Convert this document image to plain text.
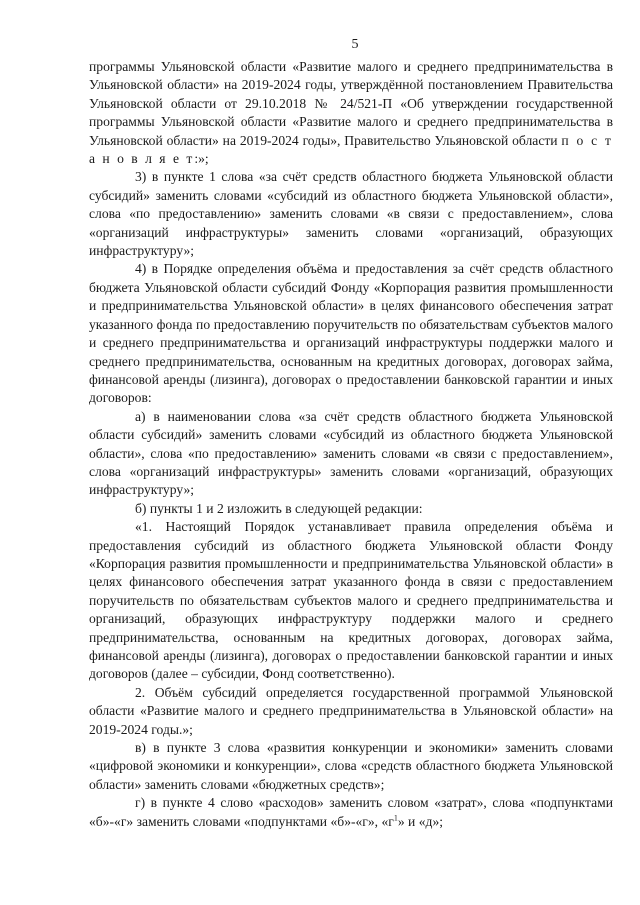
5

программы Ульяновской области «Развитие малого и среднего предпринимательства в Ульяновской области» на 2019-2024 годы, утверждённой постановлением Правительства Ульяновской области от 29.10.2018 № 24/521-П «Об утверждении государственной программы Ульяновской области «Развитие малого и среднего предпринимательства в Ульяновской области» на 2019-2024 годы», Правительство Ульяновской области п о с т а н о в л я е т:»;

3) в пункте 1 слова «за счёт средств областного бюджета Ульяновской области субсидий» заменить словами «субсидий из областного бюджета Ульяновской области», слова «по предоставлению» заменить словами «в связи с предоставлением», слова «организаций инфраструктуры» заменить словами «организаций, образующих инфраструктуру»;

4) в Порядке определения объёма и предоставления за счёт средств областного бюджета Ульяновской области субсидий Фонду «Корпорация развития промышленности и предпринимательства Ульяновской области» в целях финансового обеспечения затрат указанного фонда по предоставлению поручительств по обязательствам субъектов малого и среднего предпринимательства и организаций инфраструктуры поддержки малого и среднего предпринимательства, основанным на кредитных договорах, договорах займа, финансовой аренды (лизинга), договорах о предоставлении банковской гарантии и иных договоров:

а) в наименовании слова «за счёт средств областного бюджета Ульяновской области субсидий» заменить словами «субсидий из областного бюджета Ульяновской области», слова «по предоставлению» заменить словами «в связи с предоставлением», слова «организаций инфраструктуры» заменить словами «организаций, образующих инфраструктуру»;

б) пункты 1 и 2 изложить в следующей редакции:

«1. Настоящий Порядок устанавливает правила определения объёма и предоставления субсидий из областного бюджета Ульяновской области Фонду «Корпорация развития промышленности и предпринимательства Ульяновской области» в целях финансового обеспечения затрат указанного фонда в связи с предоставлением поручительств по обязательствам субъектов малого и среднего предпринимательства и организаций, образующих инфраструктуру поддержки малого и среднего предпринимательства, основанным на кредитных договорах, договорах займа, финансовой аренды (лизинга), договорах о предоставлении банковской гарантии и иных договоров (далее – субсидии, Фонд соответственно).

2. Объём субсидий определяется государственной программой Ульяновской области «Развитие малого и среднего предпринимательства в Ульяновской области» на 2019-2024 годы.»;

в) в пункте 3 слова «развития конкуренции и экономики» заменить словами «цифровой экономики и конкуренции», слова «средств областного бюджета Ульяновской области» заменить словами «бюджетных средств»;

г) в пункте 4 слово «расходов» заменить словом «затрат», слова «подпунктами «б»-«г» заменить словами «подпунктами «б»-«г», «$г^1$» и «д»;
